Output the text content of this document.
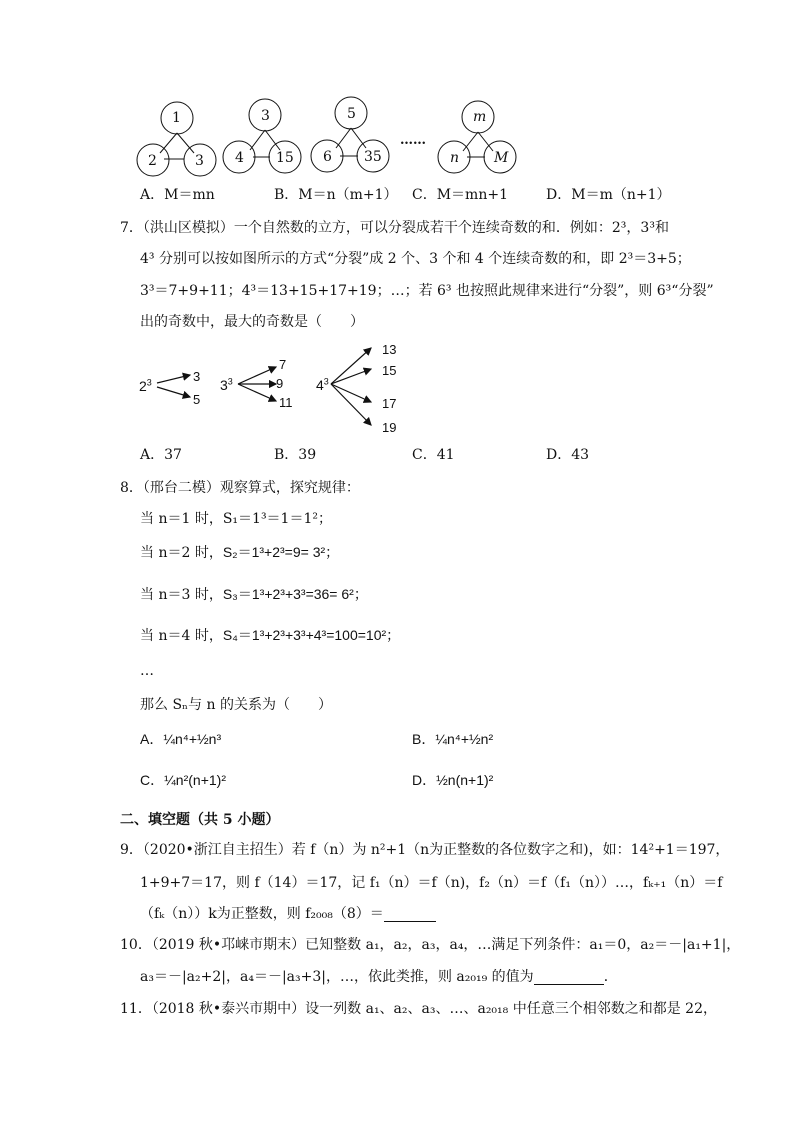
1
2	3
3
4 15
5
6 35
……
m
n M
A．M＝mn	B．M＝n（m+1） C．M＝mn+1	D．M＝m（n+1）
7．（洪山区模拟）一个自然数的立方，可以分裂成若干个连续奇数的和．例如：2³，3³和
4³ 分别可以按如图所示的方式“分裂”成 2 个、3 个和 4 个连续奇数的和，即 2³＝3+5；
3³＝7+9+11；4³＝13+15+17+19；…；若 6³ 也按照此规律来进行“分裂”，则 6³“分裂”
出的奇数中，最大的奇数是（　　）
$2^3$	3
5
$3^3$
7
9
11
$4^3$
13
15
17
19
A．37	B．39	C．41	D．43
8．（邢台二模）观察算式，探究规律：
当 n＝1 时，S₁＝1³＝1＝1²；
当 n＝2 时，S₂＝1³+2³=9= 3²；
当 n＝3 时，S₃＝1³+2³+3³=36= 6²；
当 n＝4 时，S₄＝1³+2³+3³+4³=100=10²；
…
那么 Sₙ与 n 的关系为（　　）
A．¼n⁴+½n³	B．¼n⁴+½n²
C．¼n²(n+1)²	D．½n(n+1)²
二、填空题（共 5 小题）
9．（2020•浙江自主招生）若 f（n）为 n²+1（n为正整数的各位数字之和)，如：14²+1＝197，
1+9+7＝17，则 f（14）＝17，记 f₁（n）＝f（n)，f₂（n）＝f（f₁（n））…，fₖ₊₁（n）＝f
（fₖ（n））k为正整数，则 f₂₀₀₈（8）＝
10．（2019 秋•邛崃市期末）已知整数 a₁，a₂，a₃，a₄，…满足下列条件：a₁＝0，a₂＝－|a₁+1|，
a₃＝－|a₂+2|，a₄＝－|a₃+3|，…，依此类推，则 a₂₀₁₉ 的值为	．
11．（2018 秋•泰兴市期中）设一列数 a₁、a₂、a₃、…、a₂₀₁₈ 中任意三个相邻数之和都是 22，
